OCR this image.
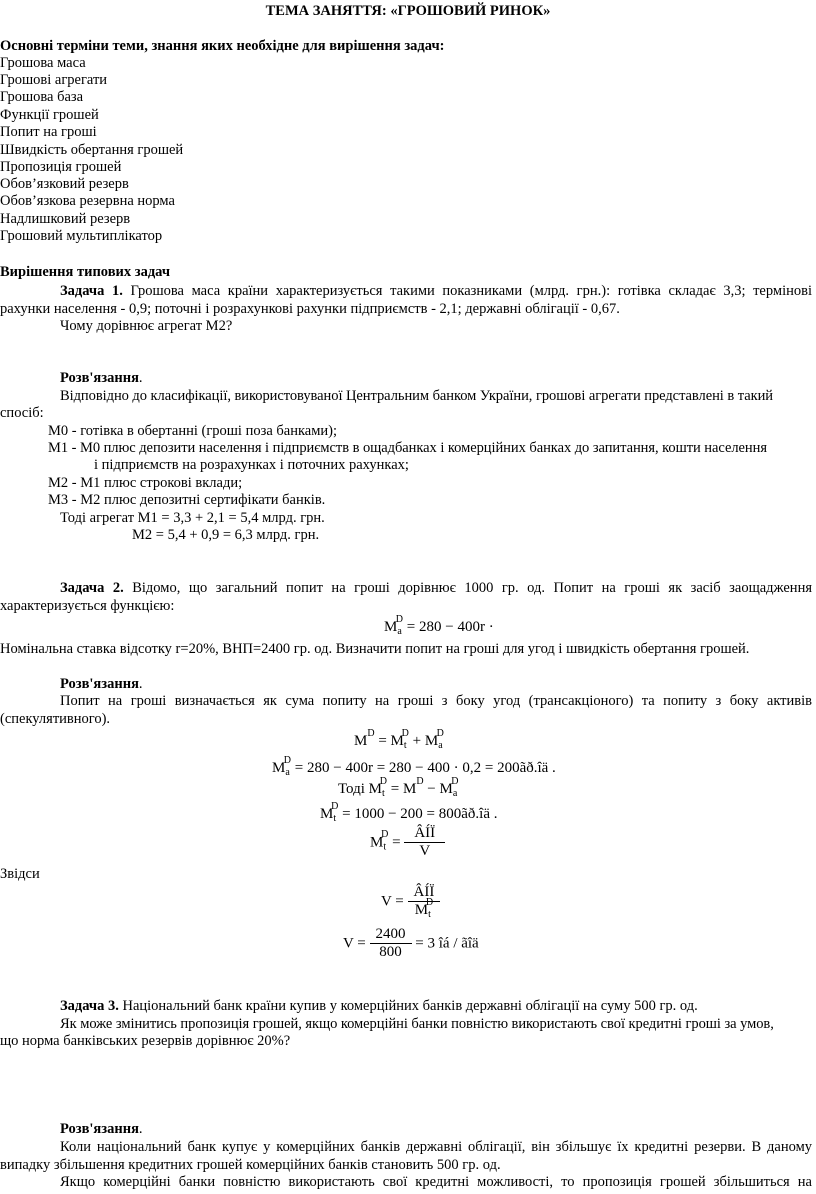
ТЕМА ЗАНЯТТЯ: «ГРОШОВИЙ РИНОК»
Основні терміни теми, знання яких необхідне для вирішення задач:
Грошова маса
Грошові агрегати
Грошова база
Функції грошей
Попит на гроші
Швидкість обертання грошей
Пропозиція грошей
Обов’язковий резерв
Обов’язкова резервна норма
Надлишковий резерв
Грошовий мультиплікатор
Вирішення типових задач
Задача 1. Грошова маса країни характеризується такими показниками (млрд. грн.): готівка складає 3,3; термінові
рахунки населення - 0,9; поточні і розрахункові рахунки підприємств - 2,1; державні облігації - 0,67.
Чому дорівнює агрегат М2?
Розв'язання.
Відповідно до класифікації, використовуваної Центральним банком України, грошові агрегати представлені в такий
спосіб:
М0 - готівка в обертанні (гроші поза банками);
М1 - М0 плюс депозити населення і підприємств в ощадбанках і комерційних банках до запитання, кошти населення
і підприємств на розрахунках і поточних рахунках;
М2 - М1 плюс строкові вклади;
М3 - М2 плюс депозитні сертифікати банків.
Тоді агрегат М1 = 3,3 + 2,1 = 5,4 млрд. грн.
М2 = 5,4 + 0,9 = 6,3 млрд. грн.
Задача 2. Відомо, що загальний попит на гроші дорівнює 1000 гр. од. Попит на гроші як засіб заощадження
характеризується функцією:
$M_a^D = 280 - 400r$ ·
Номінальна ставка відсотку r=20%, ВНП=2400 гр. од. Визначити попит на гроші для угод і швидкість обертання грошей.
Розв'язання.
Попит на гроші визначається як сума попиту на гроші з боку угод (трансакціоного) та попиту з боку активів
(спекулятивного).
$M^D = M_t^D + M_a^D$
$M_a^D = 280 - 400r = 280 - 400 \cdot 0,2$ = 200ãð.îä .
Тоді $M_t^D = M^D - M_a^D$
$M_t^D = 1000 - 200$ = 800ãð.îä .
$M_t^D = \frac{\text{ÂÍÏ}}{V}$
Звідси
$V = \frac{\text{ÂÍÏ}}{M_t^D}$
$V = \frac{2400}{800} = 3$ îá / ãîä
Задача 3. Національний банк країни купив у комерційних банків державні облігації на суму 500 гр. од.
Як може змінитись пропозиція грошей, якщо комерційні банки повністю використають свої кредитні гроші за умов,
що норма банківських резервів дорівнює 20%?
Розв'язання.
Коли національний банк купує у комерційних банків державні облігації, він збільшує їх кредитні резерви. В даному
випадку збільшення кредитних грошей комерційних банків становить 500 гр. од.
Якщо комерційні банки повністю використають свої кредитні можливості, то пропозиція грошей збільшиться на
